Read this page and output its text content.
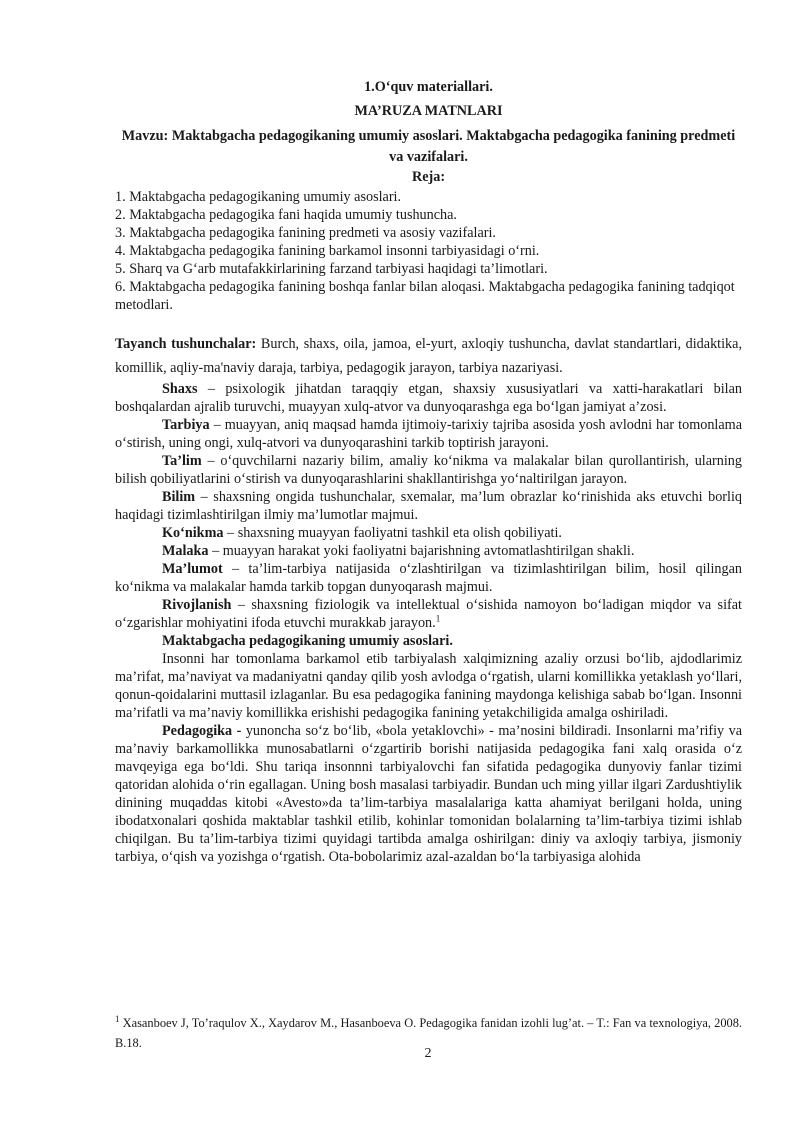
1.O‘quv materiallari.
MA’RUZA MATNLARI
Mavzu: Maktabgacha pedagogikaning umumiy asoslari. Maktabgacha pedagogika fanining predmeti va vazifalari.
Reja:
1. Maktabgacha pedagogikaning umumiy asoslari.
2. Maktabgacha pedagogika fani haqida umumiy tushuncha.
3. Maktabgacha pedagogika fanining predmeti va asosiy vazifalari.
4. Maktabgacha pedagogika fanining barkamol insonni tarbiyasidagi o‘rni.
5. Sharq va G‘arb mutafakkirlarining farzand tarbiyasi haqidagi ta’limotlari.
6. Maktabgacha pedagogika fanining boshqa fanlar bilan aloqasi. Maktabgacha pedagogika fanining tadqiqot metodlari.
Tayanch tushunchalar: Burch, shaxs, oila, jamoa, el-yurt, axloqiy tushuncha, davlat standartlari, didaktika, komillik, aqliy-ma'naviy daraja, tarbiya, pedagogik jarayon, tarbiya nazariyasi.
Shaxs – psixologik jihatdan taraqqiy etgan, shaxsiy xususiyatlari va xatti-harakatlari bilan boshqalardan ajralib turuvchi, muayyan xulq-atvor va dunyoqarashga ega bo‘lgan jamiyat a’zosi.
Tarbiya – muayyan, aniq maqsad hamda ijtimoiy-tarixiy tajriba asosida yosh avlodni har tomonlama o‘stirish, uning ongi, xulq-atvori va dunyoqarashini tarkib toptirish jarayoni.
Ta’lim – o‘quvchilarni nazariy bilim, amaliy ko‘nikma va malakalar bilan qurollantirish, ularning bilish qobiliyatlarini o‘stirish va dunyoqarashlarini shakllantirishga yo‘naltirilgan jarayon.
Bilim – shaxsning ongida tushunchalar, sxemalar, ma’lum obrazlar ko‘rinishida aks etuvchi borliq haqidagi tizimlashtirilgan ilmiy ma’lumotlar majmui.
Ko‘nikma – shaxsning muayyan faoliyatni tashkil eta olish qobiliyati.
Malaka – muayyan harakat yoki faoliyatni bajarishning avtomatlashtirilgan shakli.
Ma’lumot – ta’lim-tarbiya natijasida o‘zlashtirilgan va tizimlashtirilgan bilim, hosil qilingan ko‘nikma va malakalar hamda tarkib topgan dunyoqarash majmui.
Rivojlanish – shaxsning fiziologik va intellektual o‘sishida namoyon bo‘ladigan miqdor va sifat o‘zgarishlar mohiyatini ifoda etuvchi murakkab jarayon.$^1$
Maktabgacha pedagogikaning umumiy asoslari.
Insonni har tomonlama barkamol etib tarbiyalash xalqimizning azaliy orzusi bo‘lib, ajdodlarimiz ma’rifat, ma’naviyat va madaniyatni qanday qilib yosh avlodga o‘rgatish, ularni komillikka yetaklash yo‘llari, qonun-qoidalarini muttasil izlaganlar. Bu esa pedagogika fanining maydonga kelishiga sabab bo‘lgan. Insonni ma’rifatli va ma’naviy komillikka erishishi pedagogika fanining yetakchiligida amalga oshiriladi.
Pedagogika - yunoncha so‘z bo‘lib, «bola yetaklovchi» - ma’nosini bildiradi. Insonlarni ma’rifiy va ma’naviy barkamollikka munosabatlarni o‘zgartirib borishi natijasida pedagogika fani xalq orasida o‘z mavqeyiga ega bo‘ldi. Shu tariqa insonnni tarbiyalovchi fan sifatida pedagogika dunyoviy fanlar tizimi qatoridan alohida o‘rin egallagan. Uning bosh masalasi tarbiyadir. Bundan uch ming yillar ilgari Zardushtiylik dinining muqaddas kitobi «Avesto»da ta’lim-tarbiya masalalariga katta ahamiyat berilgani holda, uning ibodatxonalari qoshida maktablar tashkil etilib, kohinlar tomonidan bolalarning ta’lim-tarbiya tizimi ishlab chiqilgan. Bu ta’lim-tarbiya tizimi quyidagi tartibda amalga oshirilgan: diniy va axloqiy tarbiya, jismoniy tarbiya, o‘qish va yozishga o‘rgatish. Ota-bobolarimiz azal-azaldan bo‘la tarbiyasiga alohida
$^1$ Xasanboev J, To’raqulov X., Xaydarov M., Hasanboeva O. Pedagogika fanidan izohli lug’at. – T.: Fan va texnologiya, 2008. B.18.
2
